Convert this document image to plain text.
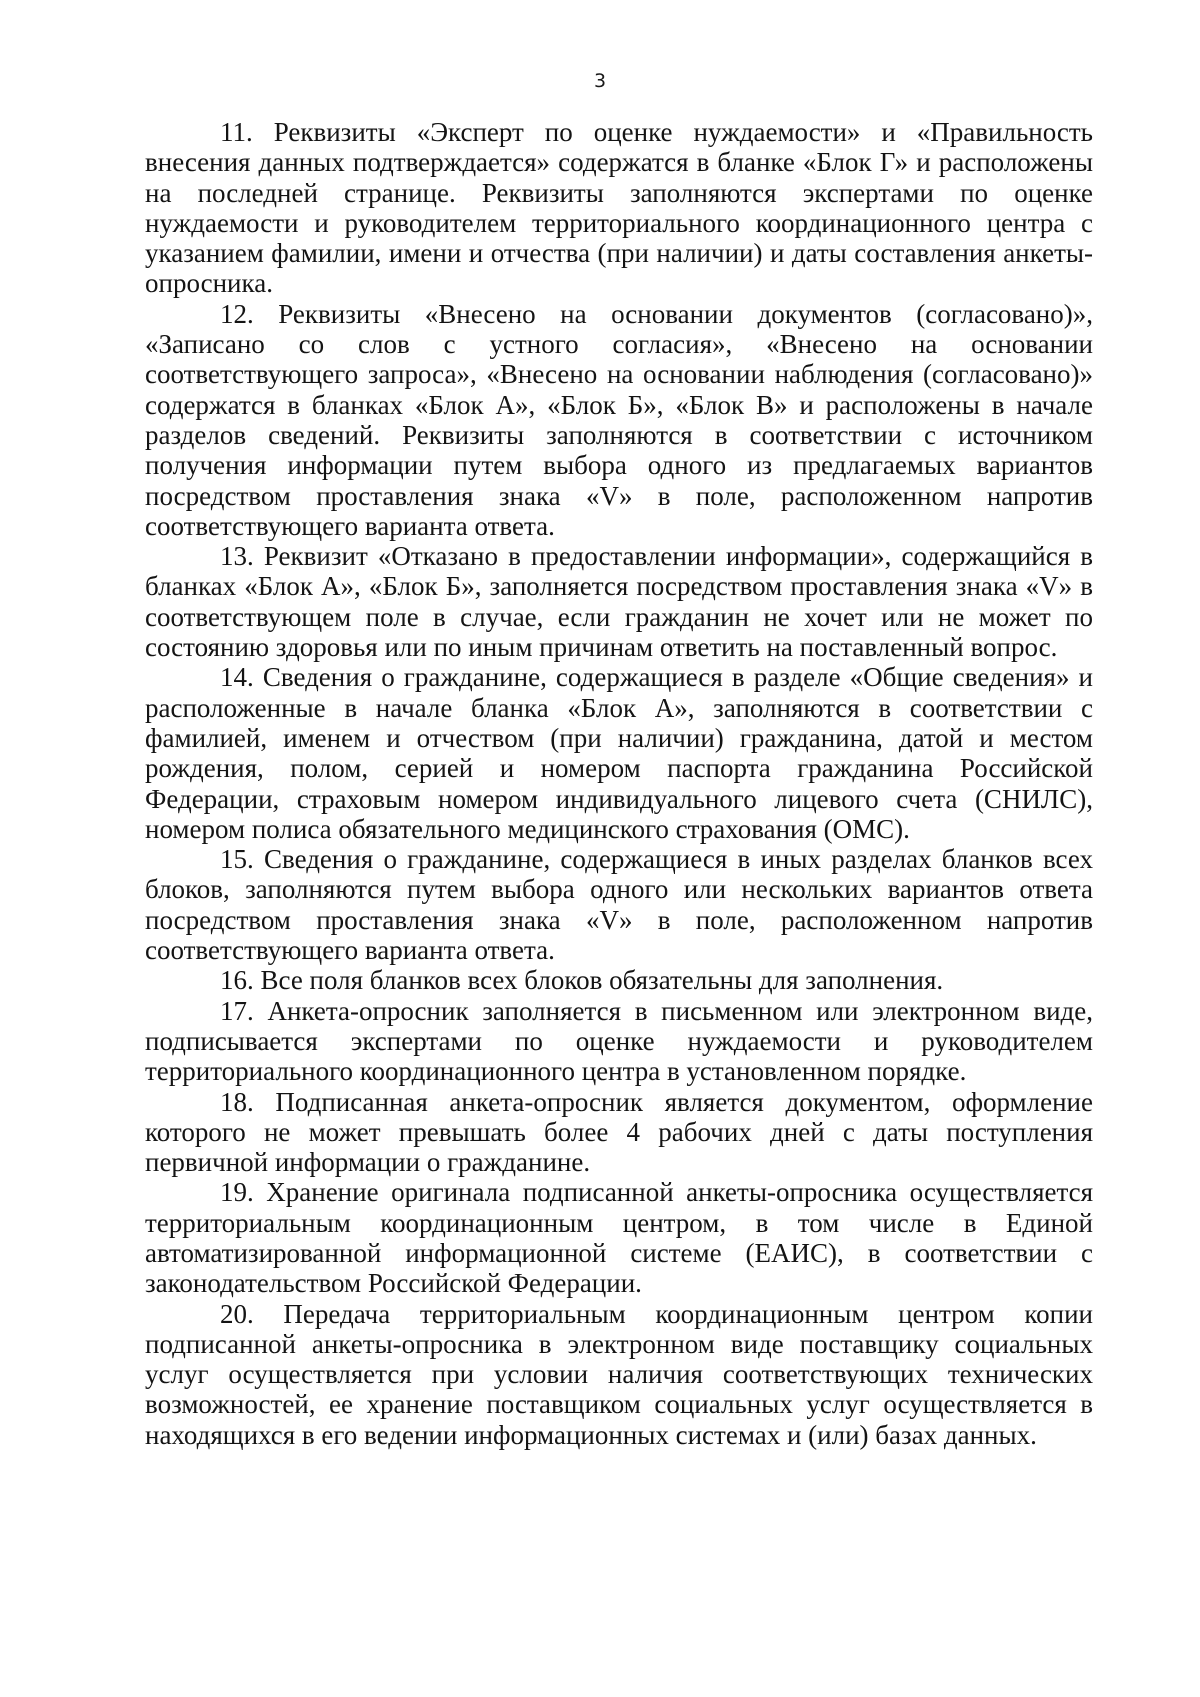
3

11. Реквизиты «Эксперт по оценке нуждаемости» и «Правильность внесения данных подтверждается» содержатся в бланке «Блок Г» и расположены на последней странице. Реквизиты заполняются экспертами по оценке нуждаемости и руководителем территориального координационного центра с указанием фамилии, имени и отчества (при наличии) и даты составления анкеты-опросника.

12. Реквизиты «Внесено на основании документов (согласовано)», «Записано со слов с устного согласия», «Внесено на основании соответствующего запроса», «Внесено на основании наблюдения (согласовано)» содержатся в бланках «Блок А», «Блок Б», «Блок В» и расположены в начале разделов сведений. Реквизиты заполняются в соответствии с источником получения информации путем выбора одного из предлагаемых вариантов посредством проставления знака «V» в поле, расположенном напротив соответствующего варианта ответа.

13. Реквизит «Отказано в предоставлении информации», содержащийся в бланках «Блок А», «Блок Б», заполняется посредством проставления знака «V» в соответствующем поле в случае, если гражданин не хочет или не может по состоянию здоровья или по иным причинам ответить на поставленный вопрос.

14. Сведения о гражданине, содержащиеся в разделе «Общие сведения» и расположенные в начале бланка «Блок А», заполняются в соответствии с фамилией, именем и отчеством (при наличии) гражданина, датой и местом рождения, полом, серией и номером паспорта гражданина Российской Федерации, страховым номером индивидуального лицевого счета (СНИЛС), номером полиса обязательного медицинского страхования (ОМС).

15. Сведения о гражданине, содержащиеся в иных разделах бланков всех блоков, заполняются путем выбора одного или нескольких вариантов ответа посредством проставления знака «V» в поле, расположенном напротив соответствующего варианта ответа.

16. Все поля бланков всех блоков обязательны для заполнения.

17. Анкета-опросник заполняется в письменном или электронном виде, подписывается экспертами по оценке нуждаемости и руководителем территориального координационного центра в установленном порядке.

18. Подписанная анкета-опросник является документом, оформление которого не может превышать более 4 рабочих дней с даты поступления первичной информации о гражданине.

19. Хранение оригинала подписанной анкеты-опросника осуществляется территориальным координационным центром, в том числе в Единой автоматизированной информационной системе (ЕАИС), в соответствии с законодательством Российской Федерации.

20. Передача территориальным координационным центром копии подписанной анкеты-опросника в электронном виде поставщику социальных услуг осуществляется при условии наличия соответствующих технических возможностей, ее хранение поставщиком социальных услуг осуществляется в находящихся в его ведении информационных системах и (или) базах данных.
